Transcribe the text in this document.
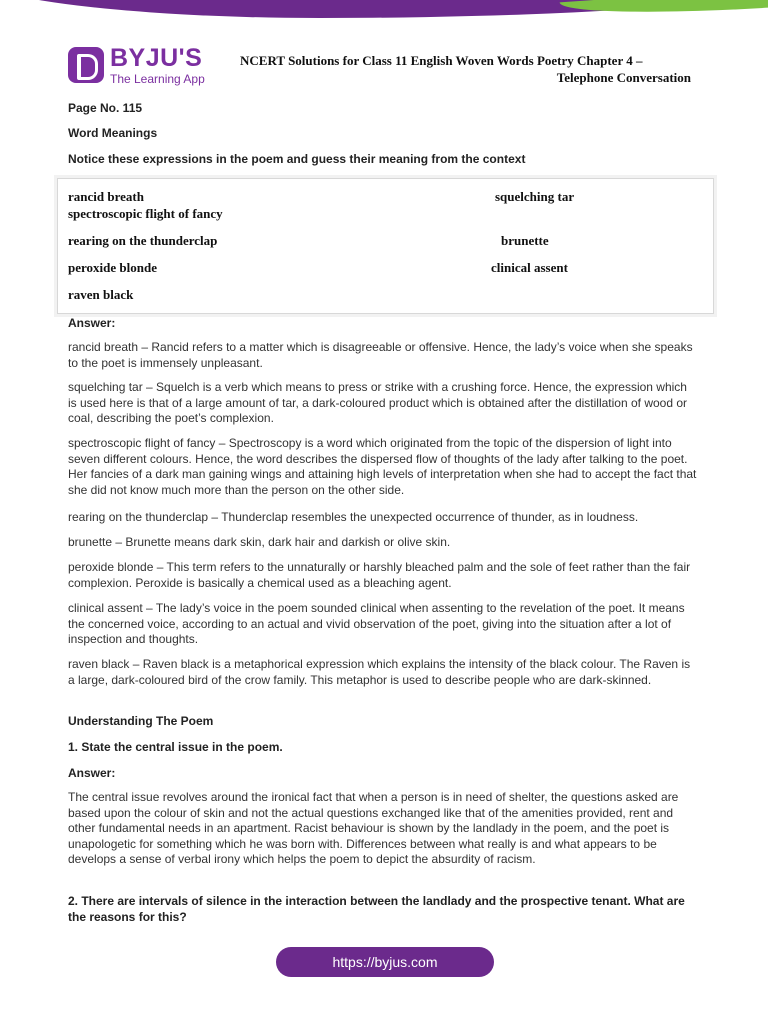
BYJU'S
The Learning App
NCERT Solutions for Class 11 English Woven Words Poetry Chapter 4 –
Telephone Conversation
Page No. 115
Word Meanings
Notice these expressions in the poem and guess their meaning from the context
rancid breath	squelching tar
spectroscopic flight of fancy
rearing on the thunderclap	brunette
peroxide blonde	clinical assent
raven black
Answer:

rancid breath – Rancid refers to a matter which is disagreeable or offensive. Hence, the lady’s voice when she speaks to the poet is immensely unpleasant.

squelching tar – Squelch is a verb which means to press or strike with a crushing force. Hence, the expression which is used here is that of a large amount of tar, a dark-coloured product which is obtained after the distillation of wood or coal, describing the poet’s complexion.

spectroscopic flight of fancy – Spectroscopy is a word which originated from the topic of the dispersion of light into seven different colours. Hence, the word describes the dispersed flow of thoughts of the lady after talking to the poet. Her fancies of a dark man gaining wings and attaining high levels of interpretation when she had to accept the fact that she did not know much more than the person on the other side.

rearing on the thunderclap – Thunderclap resembles the unexpected occurrence of thunder, as in loudness.

brunette – Brunette means dark skin, dark hair and darkish or olive skin.

peroxide blonde – This term refers to the unnaturally or harshly bleached palm and the sole of feet rather than the fair complexion. Peroxide is basically a chemical used as a bleaching agent.

clinical assent – The lady’s voice in the poem sounded clinical when assenting to the revelation of the poet. It means the concerned voice, according to an actual and vivid observation of the poet, giving into the situation after a lot of inspection and thoughts.

raven black – Raven black is a metaphorical expression which explains the intensity of the black colour. The Raven is a large, dark-coloured bird of the crow family. This metaphor is used to describe people who are dark-skinned.

Understanding The Poem
1. State the central issue in the poem.
Answer:

The central issue revolves around the ironical fact that when a person is in need of shelter, the questions asked are based upon the colour of skin and not the actual questions exchanged like that of the amenities provided, rent and other fundamental needs in an apartment. Racist behaviour is shown by the landlady in the poem, and the poet is unapologetic for something which he was born with. Differences between what really is and what appears to be develops a sense of verbal irony which helps the poem to depict the absurdity of racism.

2. There are intervals of silence in the interaction between the landlady and the prospective tenant. What are the reasons for this?
https://byjus.com
